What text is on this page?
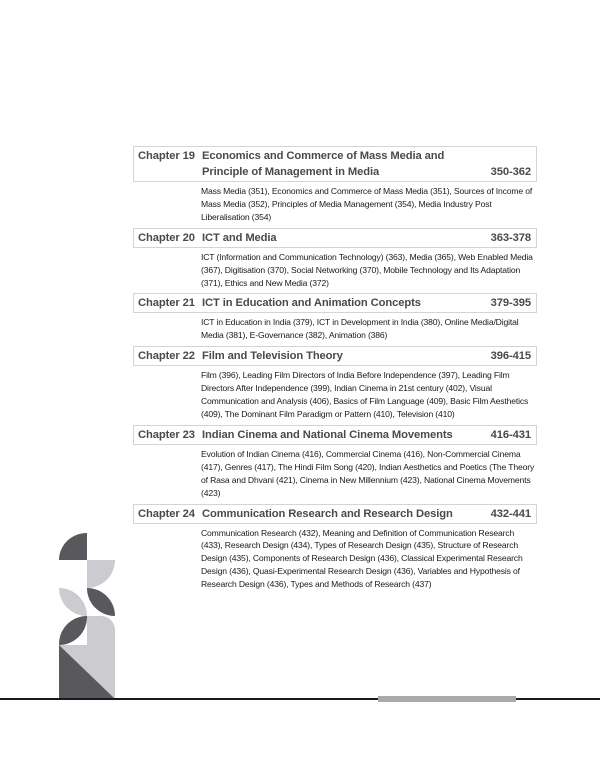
Chapter 19 Economics and Commerce of Mass Media and Principle of Management in Media	350-362
Mass Media (351), Economics and Commerce of Mass Media (351), Sources of Income of Mass Media (352), Principles of Media Management (354), Media Industry Post Liberalisation (354)
Chapter 20 ICT and Media	363-378
ICT (Information and Communication Technology) (363), Media (365), Web Enabled Media (367), Digitisation (370), Social Networking (370), Mobile Technology and Its Adaptation (371), Ethics and New Media (372)
Chapter 21 ICT in Education and Animation Concepts	379-395
ICT in Education in India (379), ICT in Development in India (380), Online Media/Digital Media (381), E-Governance (382), Animation (386)
Chapter 22 Film and Television Theory	396-415
Film (396), Leading Film Directors of India Before Independence (397), Leading Film Directors After Independence (399), Indian Cinema in 21st century (402), Visual Communication and Analysis (406), Basics of Film Language (409), Basic Film Aesthetics (409), The Dominant Film Paradigm or Pattern (410), Television (410)
Chapter 23 Indian Cinema and National Cinema Movements	416-431
Evolution of Indian Cinema (416), Commercial Cinema (416), Non-Commercial Cinema (417), Genres (417), The Hindi Film Song (420), Indian Aesthetics and Poetics (The Theory of Rasa and Dhvani (421), Cinema in New Millennium (423), National Cinema Movements (423)
Chapter 24 Communication Research and Research Design	432-441
Communication Research (432), Meaning and Definition of Communication Research (433), Research Design (434), Types of Research Design (435), Structure of Research Design (435), Components of Research Design (436), Classical Experimental Research Design (436), Quasi-Experimental Research Design (436), Variables and Hypothesis of Research Design (436), Types and Methods of Research (437)
